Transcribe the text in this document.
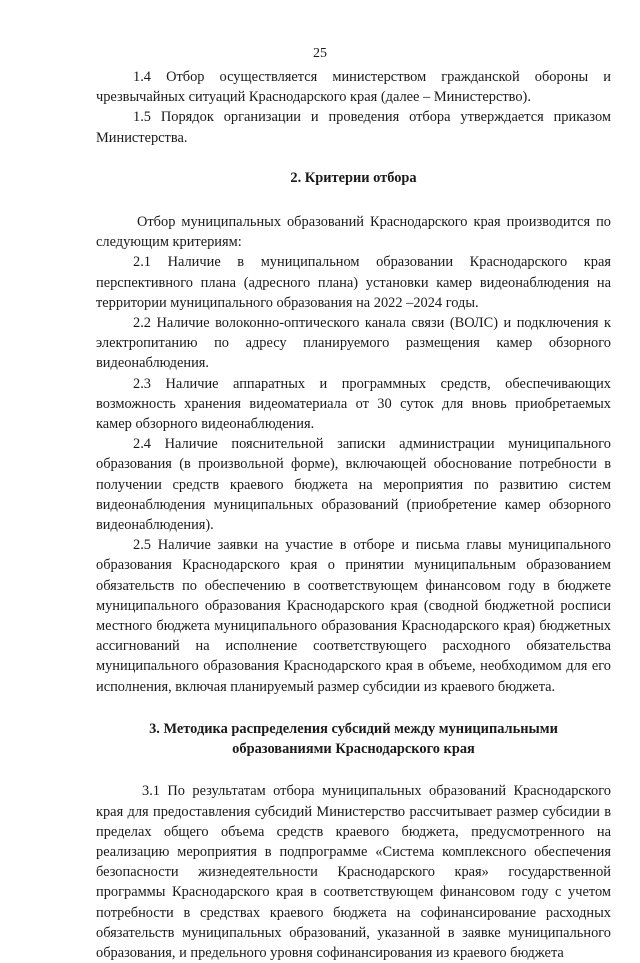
25

1.4 Отбор осуществляется министерством гражданской обороны и чрезвычайных ситуаций Краснодарского края (далее – Министерство).

1.5 Порядок организации и проведения отбора утверждается приказом Министерства.

2. Критерии отбора

Отбор муниципальных образований Краснодарского края производится по следующим критериям:

2.1 Наличие в муниципальном образовании Краснодарского края перспективного плана (адресного плана) установки камер видеонаблюдения на территории муниципального образования на 2022 –2024 годы.

2.2 Наличие волоконно-оптического канала связи (ВОЛС) и подключения к электропитанию по адресу планируемого размещения камер обзорного видеонаблюдения.

2.3 Наличие аппаратных и программных средств, обеспечивающих возможность хранения видеоматериала от 30 суток для вновь приобретаемых камер обзорного видеонаблюдения.

2.4 Наличие пояснительной записки администрации муниципального образования (в произвольной форме), включающей обоснование потребности в получении средств краевого бюджета на мероприятия по развитию систем видеонаблюдения муниципальных образований (приобретение камер обзорного видеонаблюдения).

2.5 Наличие заявки на участие в отборе и письма главы муниципального образования Краснодарского края о принятии муниципальным образованием обязательств по обеспечению в соответствующем финансовом году в бюджете муниципального образования Краснодарского края (сводной бюджетной росписи местного бюджета муниципального образования Краснодарского края) бюджетных ассигнований на исполнение соответствующего расходного обязательства муниципального образования Краснодарского края в объеме, необходимом для его исполнения, включая планируемый размер субсидии из краевого бюджета.

3. Методика распределения субсидий между муниципальными

образованиями Краснодарского края

3.1 По результатам отбора муниципальных образований Краснодарского края для предоставления субсидий Министерство рассчитывает размер субсидии в пределах общего объема средств краевого бюджета, предусмотренного на реализацию мероприятия в подпрограмме «Система комплексного обеспечения безопасности жизнедеятельности Краснодарского края» государственной программы Краснодарского края в соответствующем финансовом году с учетом потребности в средствах краевого бюджета на софинансирование расходных обязательств муниципальных образований, указанной в заявке муниципального образования, и предельного уровня софинансирования из краевого бюджета
